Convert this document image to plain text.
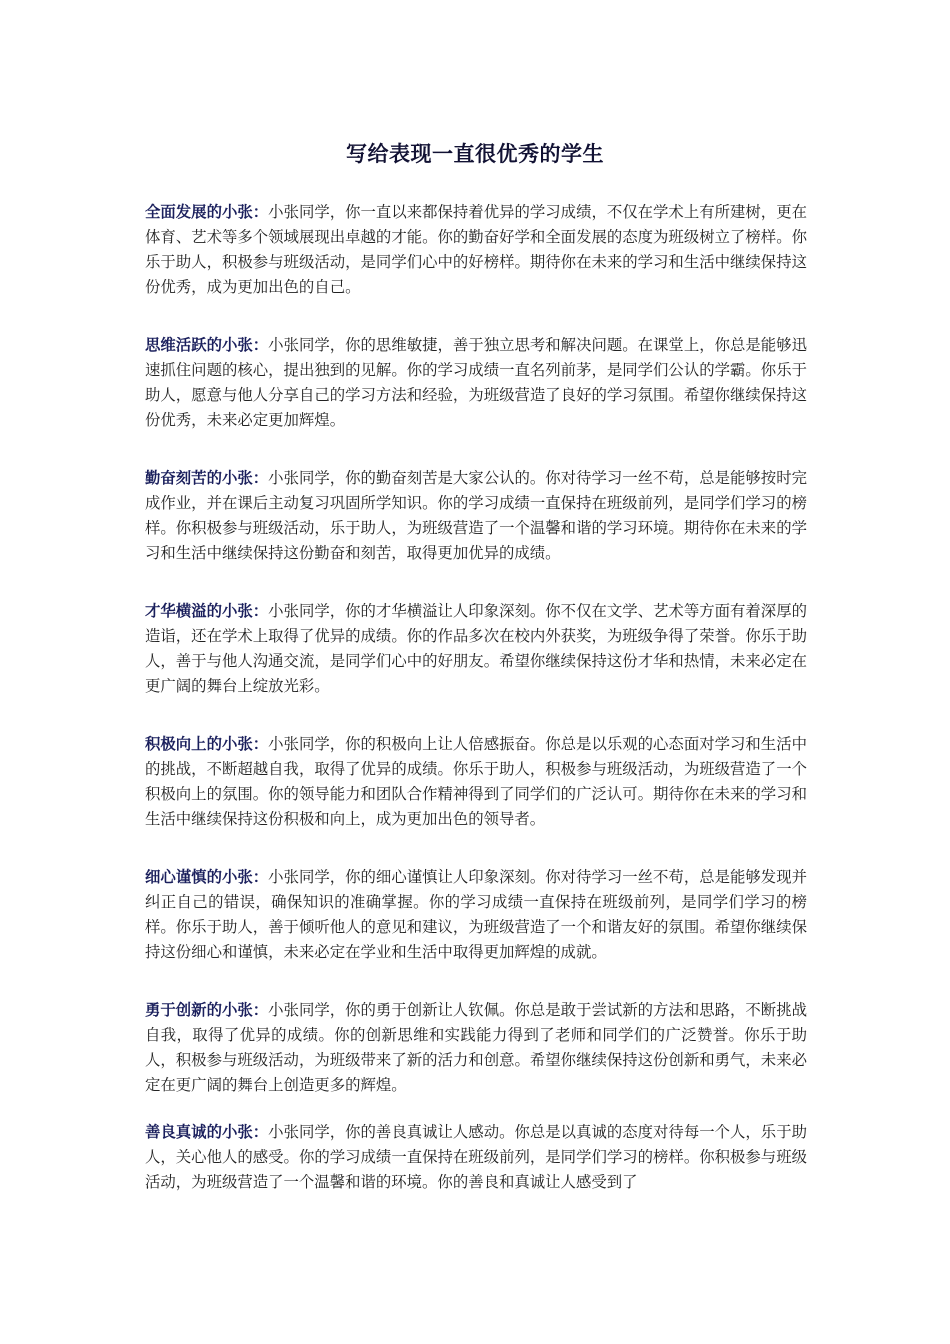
写给表现一直很优秀的学生

全面发展的小张：小张同学，你一直以来都保持着优异的学习成绩，不仅在学术上有所建树，更在体育、艺术等多个领域展现出卓越的才能。你的勤奋好学和全面发展的态度为班级树立了榜样。你乐于助人，积极参与班级活动，是同学们心中的好榜样。期待你在未来的学习和生活中继续保持这份优秀，成为更加出色的自己。

思维活跃的小张：小张同学，你的思维敏捷，善于独立思考和解决问题。在课堂上，你总是能够迅速抓住问题的核心，提出独到的见解。你的学习成绩一直名列前茅，是同学们公认的学霸。你乐于助人，愿意与他人分享自己的学习方法和经验，为班级营造了良好的学习氛围。希望你继续保持这份优秀，未来必定更加辉煌。

勤奋刻苦的小张：小张同学，你的勤奋刻苦是大家公认的。你对待学习一丝不苟，总是能够按时完成作业，并在课后主动复习巩固所学知识。你的学习成绩一直保持在班级前列，是同学们学习的榜样。你积极参与班级活动，乐于助人，为班级营造了一个温馨和谐的学习环境。期待你在未来的学习和生活中继续保持这份勤奋和刻苦，取得更加优异的成绩。

才华横溢的小张：小张同学，你的才华横溢让人印象深刻。你不仅在文学、艺术等方面有着深厚的造诣，还在学术上取得了优异的成绩。你的作品多次在校内外获奖，为班级争得了荣誉。你乐于助人，善于与他人沟通交流，是同学们心中的好朋友。希望你继续保持这份才华和热情，未来必定在更广阔的舞台上绽放光彩。

积极向上的小张：小张同学，你的积极向上让人倍感振奋。你总是以乐观的心态面对学习和生活中的挑战，不断超越自我，取得了优异的成绩。你乐于助人，积极参与班级活动，为班级营造了一个积极向上的氛围。你的领导能力和团队合作精神得到了同学们的广泛认可。期待你在未来的学习和生活中继续保持这份积极和向上，成为更加出色的领导者。

细心谨慎的小张：小张同学，你的细心谨慎让人印象深刻。你对待学习一丝不苟，总是能够发现并纠正自己的错误，确保知识的准确掌握。你的学习成绩一直保持在班级前列，是同学们学习的榜样。你乐于助人，善于倾听他人的意见和建议，为班级营造了一个和谐友好的氛围。希望你继续保持这份细心和谨慎，未来必定在学业和生活中取得更加辉煌的成就。

勇于创新的小张：小张同学，你的勇于创新让人钦佩。你总是敢于尝试新的方法和思路，不断挑战自我，取得了优异的成绩。你的创新思维和实践能力得到了老师和同学们的广泛赞誉。你乐于助人，积极参与班级活动，为班级带来了新的活力和创意。希望你继续保持这份创新和勇气，未来必定在更广阔的舞台上创造更多的辉煌。

善良真诚的小张：小张同学，你的善良真诚让人感动。你总是以真诚的态度对待每一个人，乐于助人，关心他人的感受。你的学习成绩一直保持在班级前列，是同学们学习的榜样。你积极参与班级活动，为班级营造了一个温馨和谐的环境。你的善良和真诚让人感受到了
